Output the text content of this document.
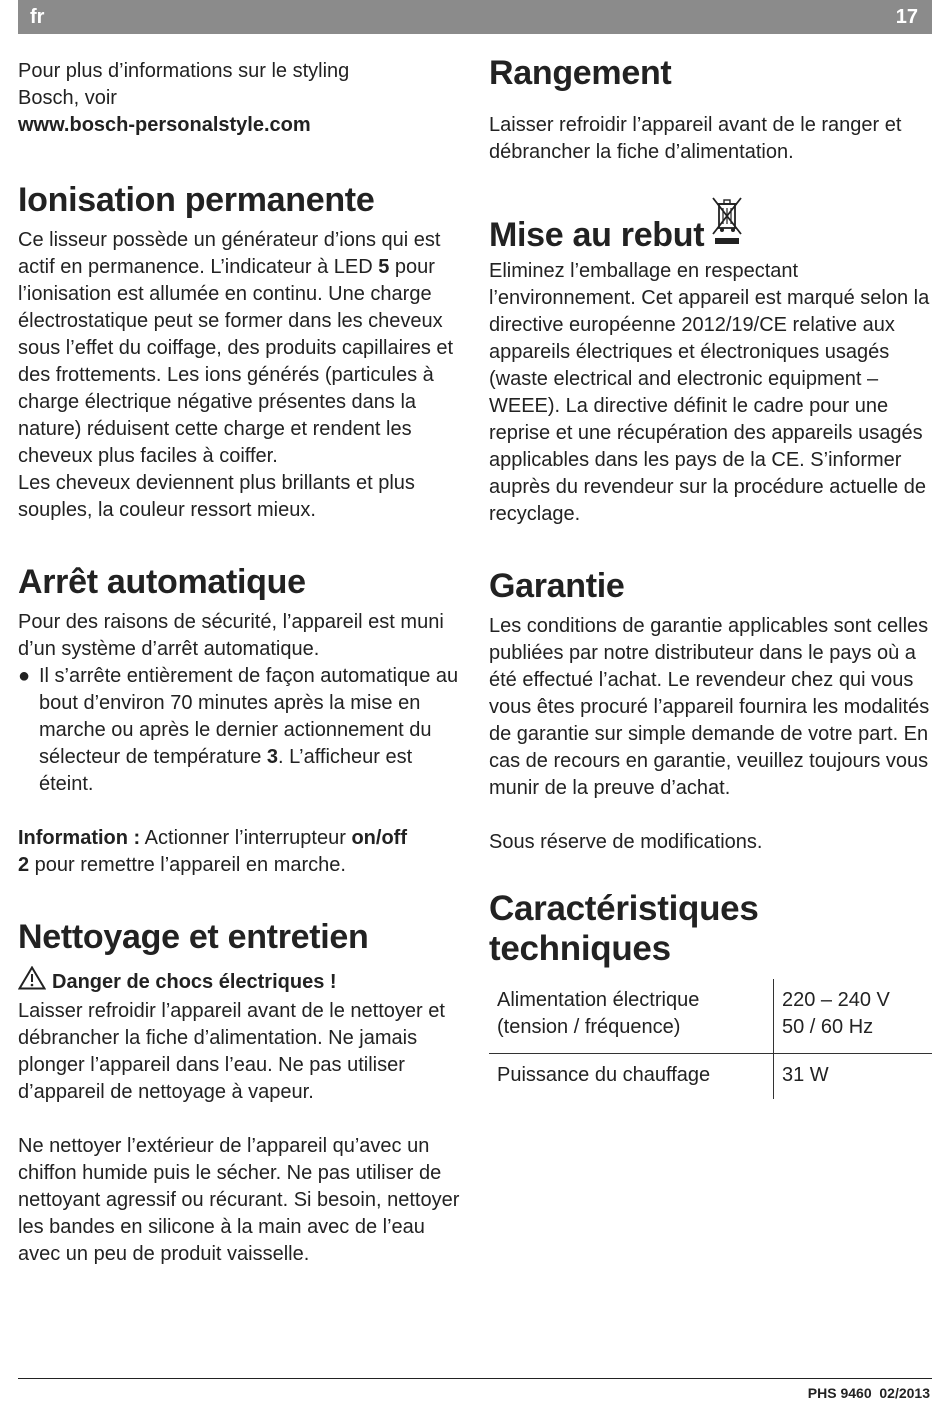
fr	17

Pour plus d’informations sur le styling
Bosch, voir
www.bosch-personalstyle.com

Ionisation permanente

Ce lisseur possède un générateur d’ions qui est actif en permanence. L’indicateur à LED 5 pour l’ionisation est allumée en continu. Une charge électrostatique peut se former dans les cheveux sous l’effet du coiffage, des produits capillaires et des frottements. Les ions générés (particules à charge électrique négative présentes dans la nature) réduisent cette charge et rendent les cheveux plus faciles à coiffer.

Les cheveux deviennent plus brillants et plus souples, la couleur ressort mieux.

Arrêt automatique

Pour des raisons de sécurité, l’appareil est muni d’un système d’arrêt automatique.

● Il s’arrête entièrement de façon automatique au bout d’environ 70 minutes après la mise en marche ou après le dernier actionnement du sélecteur de température 3. L’afficheur est éteint.

Information : Actionner l’interrupteur on/off
2 pour remettre l’appareil en marche.

Nettoyage et entretien
Danger de chocs électriques !

Laisser refroidir l’appareil avant de le nettoyer et débrancher la fiche d’alimentation. Ne jamais plonger l’appareil dans l’eau. Ne pas utiliser d’appareil de nettoyage à vapeur.

Ne nettoyer l’extérieur de l’appareil qu’avec un chiffon humide puis le sécher. Ne pas utiliser de nettoyant agressif ou récurant. Si besoin, nettoyer les bandes en silicone à la main avec de l’eau avec un peu de produit vaisselle.

Rangement

Laisser refroidir l’appareil avant de le ranger et débrancher la fiche d’alimentation.

Mise au rebut

Eliminez l’emballage en respectant l’environnement. Cet appareil est marqué selon la directive européenne 2012/19/CE relative aux appareils électriques et électroniques usagés (waste electrical and electronic equipment – WEEE). La directive définit le cadre pour une reprise et une récupération des appareils usagés applicables dans les pays de la CE. S’informer auprès du revendeur sur la procédure actuelle de recyclage.

Garantie

Les conditions de garantie applicables sont celles publiées par notre distributeur dans le pays où a été effectué l’achat. Le revendeur chez qui vous vous êtes procuré l’appareil fournira les modalités de garantie sur simple demande de votre part. En cas de recours en garantie, veuillez toujours vous munir de la preuve d’achat.

Sous réserve de modifications.

Caractéristiques
techniques
Alimentation électrique
(tension / fréquence)	220 – 240 V
50 / 60 Hz
Puissance du chauffage	31 W
PHS 9460 02/2013
